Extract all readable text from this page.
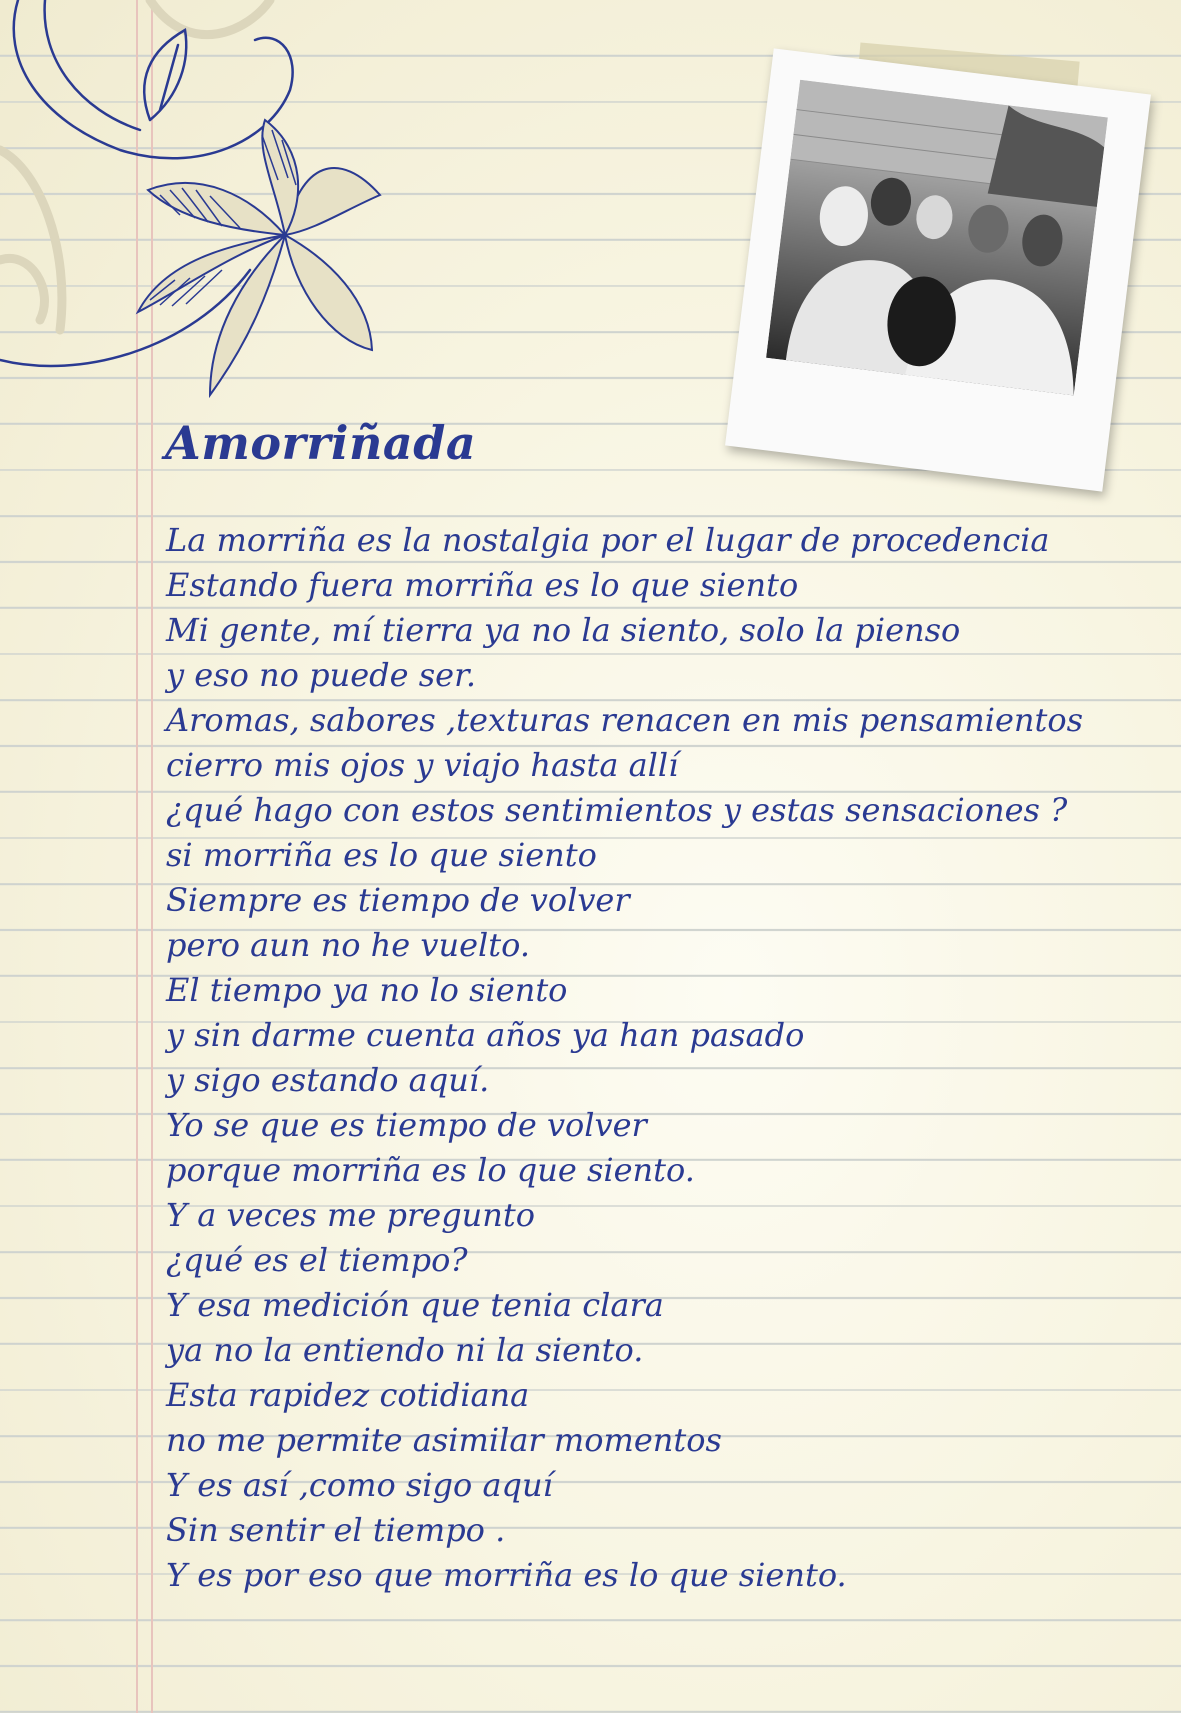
Amorriñada
La morriña es la nostalgia por el lugar de procedencia
Estando fuera morriña es lo que siento
Mi gente, mí tierra ya no la siento, solo la pienso
y eso no puede ser.
Aromas, sabores ,texturas renacen en mis pensamientos
cierro mis ojos y viajo hasta allí
¿qué hago con estos sentimientos y estas sensaciones ?
si morriña es lo que siento
Siempre es tiempo de volver
pero aun no he vuelto.
El tiempo ya no lo siento
y sin darme cuenta años ya han pasado
y sigo estando aquí.
Yo se que es tiempo de volver
porque morriña es lo que siento.
Y a veces me pregunto
¿qué es el tiempo?
Y esa medición que tenia clara
ya no la entiendo ni la siento.
Esta rapidez cotidiana
no me permite asimilar momentos
Y es así ,como sigo aquí
Sin sentir el tiempo .
Y es por eso que morriña es lo que siento.
